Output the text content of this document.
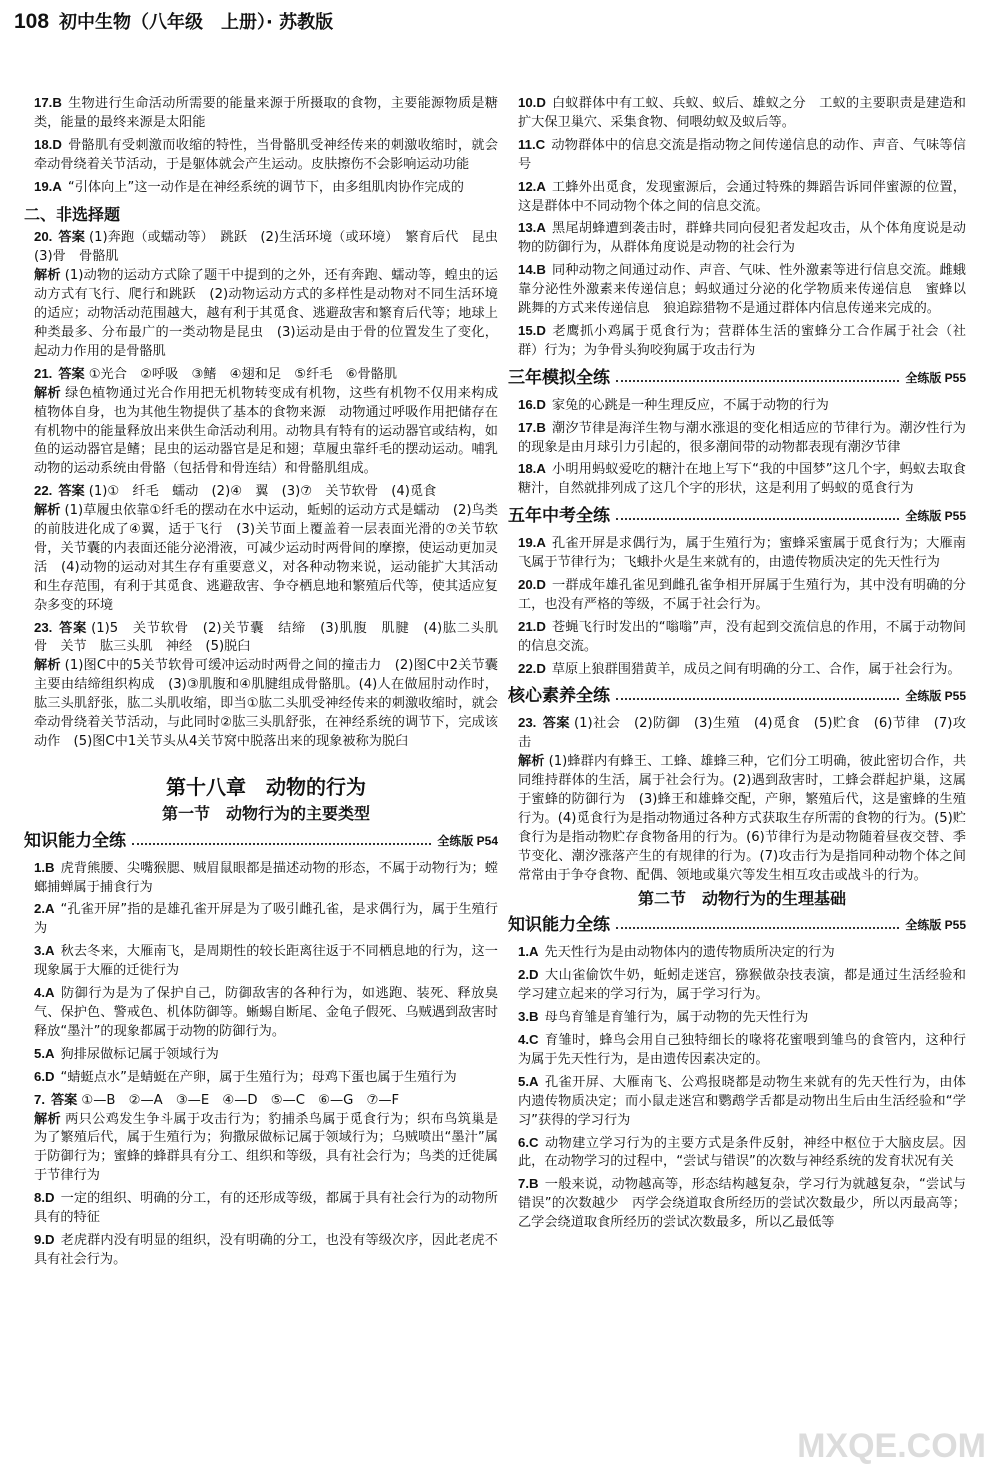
108 初中生物（八年级　上册）· 苏教版
17.B 生物进行生命活动所需要的能量来源于所摄取的食物，主要能源物质是糖类，能量的最终来源是太阳能
18.D 骨骼肌有受刺激而收缩的特性，当骨骼肌受神经传来的刺激收缩时，就会牵动骨绕着关节活动，于是躯体就会产生运动。皮肤擦伤不会影响运动功能
19.A “引体向上”这一动作是在神经系统的调节下，由多组肌肉协作完成的
二、非选择题
20. 答案 (1)奔跑（或蠕动等）　跳跃　(2)生活环境（或环境）　繁育后代　昆虫　(3)骨　骨骼肌
解析 (1)动物的运动方式除了题干中提到的之外，还有奔跑、蠕动等，蝗虫的运动方式有飞行、爬行和跳跃　(2)动物运动方式的多样性是动物对不同生活环境的适应；动物活动范围越大，越有利于其觅食、逃避敌害和繁育后代等；地球上种类最多、分布最广的一类动物是昆虫　(3)运动是由于骨的位置发生了变化，起动力作用的是骨骼肌
21. 答案 ①光合　②呼吸　③鳍　④翅和足　⑤纤毛　⑥骨骼肌
解析 绿色植物通过光合作用把无机物转变成有机物，这些有机物不仅用来构成植物体自身，也为其他生物提供了基本的食物来源　动物通过呼吸作用把储存在有机物中的能量释放出来供生命活动利用。动物具有特有的运动器官或结构，如鱼的运动器官是鳍；昆虫的运动器官是足和翅；草履虫靠纤毛的摆动运动。哺乳动物的运动系统由骨骼（包括骨和骨连结）和骨骼肌组成。
22. 答案 (1)①　纤毛　蠕动　(2)④　翼　(3)⑦　关节软骨　(4)觅食
解析 (1)草履虫依靠①纤毛的摆动在水中运动，蚯蚓的运动方式是蠕动　(2)鸟类的前肢进化成了④翼，适于飞行　(3)关节面上覆盖着一层表面光滑的⑦关节软骨，关节囊的内表面还能分泌滑液，可减少运动时两骨间的摩擦，使运动更加灵活　(4)动物的运动对其生存有重要意义，对各种动物来说，运动能扩大其活动和生存范围，有利于其觅食、逃避敌害、争夺栖息地和繁殖后代等，使其适应复杂多变的环境
23. 答案 (1)5　关节软骨　(2)关节囊　结缔　(3)肌腹　肌腱　(4)肱二头肌　骨　关节　肱三头肌　神经　(5)脱臼
解析 (1)图C中的5关节软骨可缓冲运动时两骨之间的撞击力　(2)图C中2关节囊主要由结缔组织构成　(3)③肌腹和④肌腱组成骨骼肌。(4)人在做屈肘动作时，肱三头肌舒张，肱二头肌收缩，即当①肱二头肌受神经传来的刺激收缩时，就会牵动骨绕着关节活动，与此同时②肱三头肌舒张，在神经系统的调节下，完成该动作　(5)图C中1关节头从4关节窝中脱落出来的现象被称为脱臼
第十八章　动物的行为
第一节　动物行为的主要类型
知识能力全练	全练版 P54
1.B 虎背熊腰、尖嘴猴腮、贼眉鼠眼都是描述动物的形态，不属于动物行为；螳螂捕蝉属于捕食行为
2.A “孔雀开屏”指的是雄孔雀开屏是为了吸引雌孔雀，是求偶行为，属于生殖行为
3.A 秋去冬来，大雁南飞，是周期性的较长距离往返于不同栖息地的行为，这一现象属于大雁的迁徙行为
4.A 防御行为是为了保护自己，防御敌害的各种行为，如逃跑、装死、释放臭气、保护色、警戒色、机体防御等。蜥蜴自断尾、金龟子假死、乌贼遇到敌害时释放“墨汁”的现象都属于动物的防御行为。
5.A 狗排尿做标记属于领域行为
6.D “蜻蜓点水”是蜻蜓在产卵，属于生殖行为；母鸡下蛋也属于生殖行为
7. 答案 ①—B　②—A　③—E　④—D　⑤—C　⑥—G　⑦—F
解析 两只公鸡发生争斗属于攻击行为；豹捕杀鸟属于觅食行为；织布鸟筑巢是为了繁殖后代，属于生殖行为；狗撒尿做标记属于领域行为；乌贼喷出“墨汁”属于防御行为；蜜蜂的蜂群具有分工、组织和等级，具有社会行为；鸟类的迁徙属于节律行为
8.D 一定的组织、明确的分工，有的还形成等级，都属于具有社会行为的动物所具有的特征
9.D 老虎群内没有明显的组织，没有明确的分工，也没有等级次序，因此老虎不具有社会行为。
10.D 白蚁群体中有工蚁、兵蚁、蚁后、雄蚁之分　工蚁的主要职责是建造和扩大保卫巢穴、采集食物、伺喂幼蚁及蚁后等。
11.C 动物群体中的信息交流是指动物之间传递信息的动作、声音、气味等信号
12.A 工蜂外出觅食，发现蜜源后，会通过特殊的舞蹈告诉同伴蜜源的位置，这是群体中不同动物个体之间的信息交流。
13.A 黑尾胡蜂遭到袭击时，群蜂共同向侵犯者发起攻击，从个体角度说是动物的防御行为，从群体角度说是动物的社会行为
14.B 同种动物之间通过动作、声音、气味、性外激素等进行信息交流。雌蛾靠分泌性外激素来传递信息；蚂蚁通过分泌的化学物质来传递信息　蜜蜂以跳舞的方式来传递信息　狼追踪猎物不是通过群体内信息传递来完成的。
15.D 老鹰抓小鸡属于觅食行为；营群体生活的蜜蜂分工合作属于社会（社群）行为；为争骨头狗咬狗属于攻击行为
三年模拟全练	全练版 P55
16.D 家兔的心跳是一种生理反应，不属于动物的行为
17.B 潮汐节律是海洋生物与潮水涨退的变化相适应的节律行为。潮汐性行为的现象是由月球引力引起的，很多潮间带的动物都表现有潮汐节律
18.A 小明用蚂蚁爱吃的糖汁在地上写下“我的中国梦”这几个字，蚂蚁去取食糖汁，自然就排列成了这几个字的形状，这是利用了蚂蚁的觅食行为
五年中考全练	全练版 P55
19.A 孔雀开屏是求偶行为，属于生殖行为；蜜蜂采蜜属于觅食行为；大雁南飞属于节律行为；飞蛾扑火是生来就有的，由遗传物质决定的先天性行为
20.D 一群成年雄孔雀见到雌孔雀争相开屏属于生殖行为，其中没有明确的分工，也没有严格的等级，不属于社会行为。
21.D 苍蝇飞行时发出的“嗡嗡”声，没有起到交流信息的作用，不属于动物间的信息交流。
22.D 草原上狼群围猎黄羊，成员之间有明确的分工、合作，属于社会行为。
核心素养全练	全练版 P55
23. 答案 (1)社会　(2)防御　(3)生殖　(4)觅食　(5)贮食　(6)节律　(7)攻击
解析 (1)蜂群内有蜂王、工蜂、雄蜂三种，它们分工明确，彼此密切合作，共同维持群体的生活，属于社会行为。(2)遇到敌害时，工蜂会群起护巢，这属于蜜蜂的防御行为　(3)蜂王和雄蜂交配，产卵，繁殖后代，这是蜜蜂的生殖行为。(4)觅食行为是指动物通过各种方式获取生存所需的食物的行为。(5)贮食行为是指动物贮存食物备用的行为。(6)节律行为是动物随着昼夜交替、季节变化、潮汐涨落产生的有规律的行为。(7)攻击行为是指同种动物个体之间常常由于争夺食物、配偶、领地或巢穴等发生相互攻击或战斗的行为。
第二节　动物行为的生理基础
知识能力全练	全练版 P55
1.A 先天性行为是由动物体内的遗传物质所决定的行为
2.D 大山雀偷饮牛奶，蚯蚓走迷宫，猕猴做杂技表演，都是通过生活经验和学习建立起来的学习行为，属于学习行为。
3.B 母鸟育雏是育雏行为，属于动物的先天性行为
4.C 育雏时，蜂鸟会用自己独特细长的喙将花蜜喂到雏鸟的食管内，这种行为属于先天性行为，是由遗传因素决定的。
5.A 孔雀开屏、大雁南飞、公鸡报晓都是动物生来就有的先天性行为，由体内遗传物质决定；而小鼠走迷宫和鹦鹉学舌都是动物出生后由生活经验和“学习”获得的学习行为
6.C 动物建立学习行为的主要方式是条件反射，神经中枢位于大脑皮层。因此，在动物学习的过程中，“尝试与错误”的次数与神经系统的发育状况有关
7.B 一般来说，动物越高等，形态结构越复杂，学习行为就越复杂，“尝试与错误”的次数越少　丙学会绕道取食所经历的尝试次数最少，所以丙最高等；乙学会绕道取食所经历的尝试次数最多，所以乙最低等
MXQE.COM
